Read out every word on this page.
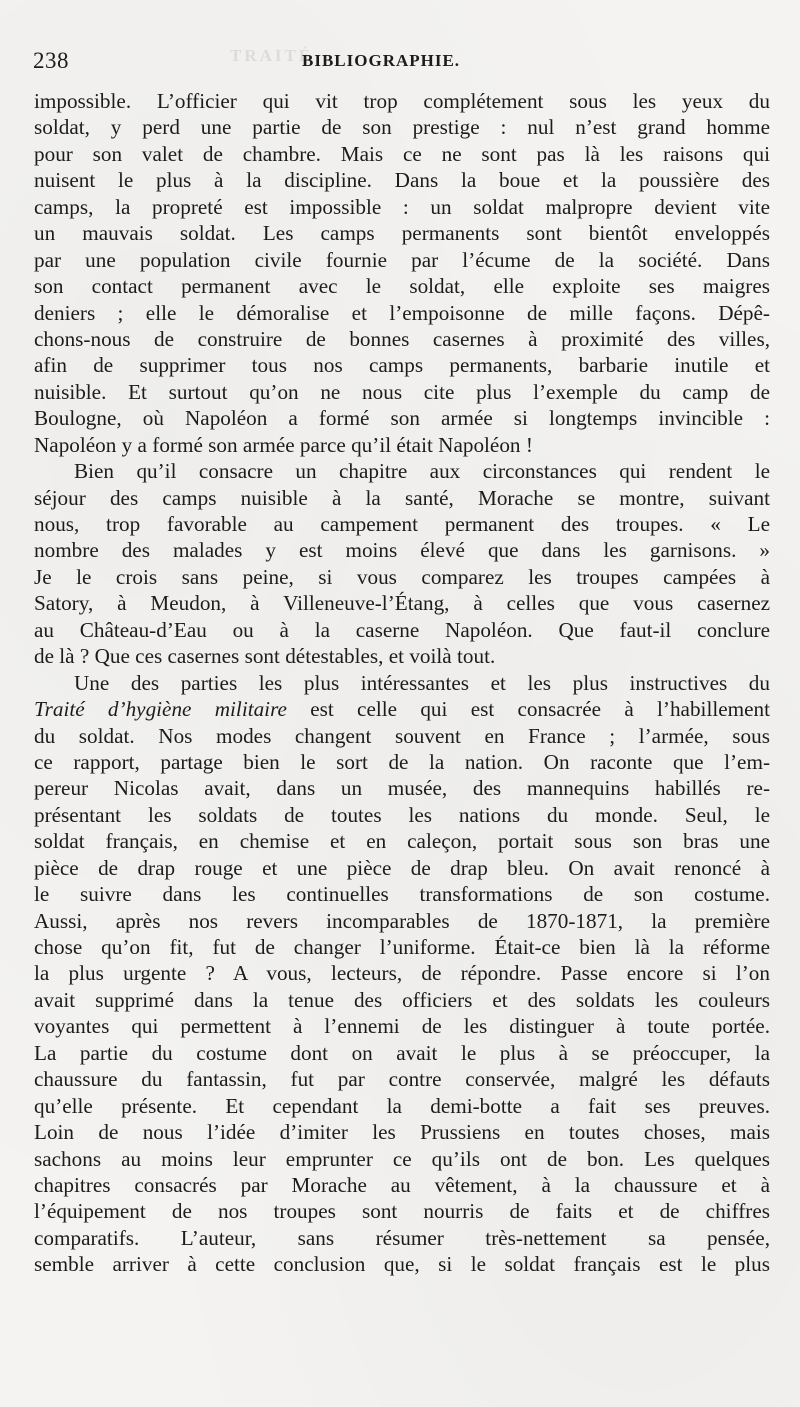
TRAITÉ
238	BIBLIOGRAPHIE.
impossible. L’officier qui vit trop complétement sous les yeux du
soldat, y perd une partie de son prestige : nul n’est grand homme
pour son valet de chambre. Mais ce ne sont pas là les raisons qui
nuisent le plus à la discipline. Dans la boue et la poussière des
camps, la propreté est impossible : un soldat malpropre devient vite
un mauvais soldat. Les camps permanents sont bientôt enveloppés
par une population civile fournie par l’écume de la société. Dans
son contact permanent avec le soldat, elle exploite ses maigres
deniers ; elle le démoralise et l’empoisonne de mille façons. Dépê-
chons-nous de construire de bonnes casernes à proximité des villes,
afin de supprimer tous nos camps permanents, barbarie inutile et
nuisible. Et surtout qu’on ne nous cite plus l’exemple du camp de
Boulogne, où Napoléon a formé son armée si longtemps invincible :
Napoléon y a formé son armée parce qu’il était Napoléon !
Bien qu’il consacre un chapitre aux circonstances qui rendent le
séjour des camps nuisible à la santé, Morache se montre, suivant
nous, trop favorable au campement permanent des troupes. « Le
nombre des malades y est moins élevé que dans les garnisons. »
Je le crois sans peine, si vous comparez les troupes campées à
Satory, à Meudon, à Villeneuve-l’Étang, à celles que vous casernez
au Château-d’Eau ou à la caserne Napoléon. Que faut-il conclure
de là ? Que ces casernes sont détestables, et voilà tout.
Une des parties les plus intéressantes et les plus instructives du
Traité d’hygiène militaire est celle qui est consacrée à l’habillement
du soldat. Nos modes changent souvent en France ; l’armée, sous
ce rapport, partage bien le sort de la nation. On raconte que l’em-
pereur Nicolas avait, dans un musée, des mannequins habillés re-
présentant les soldats de toutes les nations du monde. Seul, le
soldat français, en chemise et en caleçon, portait sous son bras une
pièce de drap rouge et une pièce de drap bleu. On avait renoncé à
le suivre dans les continuelles transformations de son costume.
Aussi, après nos revers incomparables de 1870-1871, la première
chose qu’on fit, fut de changer l’uniforme. Était-ce bien là la réforme
la plus urgente ? A vous, lecteurs, de répondre. Passe encore si l’on
avait supprimé dans la tenue des officiers et des soldats les couleurs
voyantes qui permettent à l’ennemi de les distinguer à toute portée.
La partie du costume dont on avait le plus à se préoccuper, la
chaussure du fantassin, fut par contre conservée, malgré les défauts
qu’elle présente. Et cependant la demi-botte a fait ses preuves.
Loin de nous l’idée d’imiter les Prussiens en toutes choses, mais
sachons au moins leur emprunter ce qu’ils ont de bon. Les quelques
chapitres consacrés par Morache au vêtement, à la chaussure et à
l’équipement de nos troupes sont nourris de faits et de chiffres
comparatifs. L’auteur, sans résumer très-nettement sa pensée,
semble arriver à cette conclusion que, si le soldat français est le plus
